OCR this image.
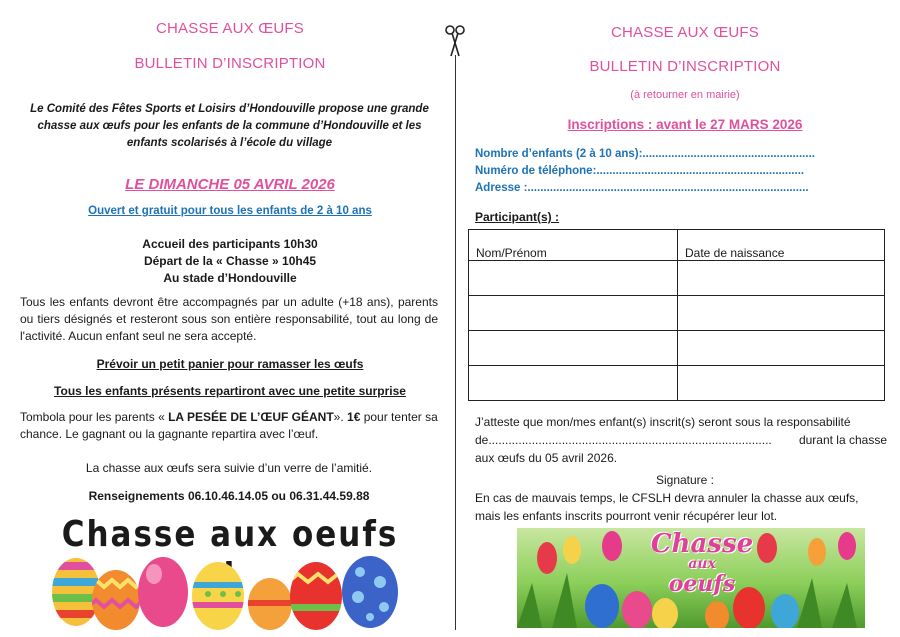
CHASSE AUX ŒUFS
BULLETIN D’INSCRIPTION
Le Comité des Fêtes Sports et Loisirs d’Hondouville propose une grande chasse aux œufs pour les enfants de la commune d’Hondouville et les enfants scolarisés à l’école du village
LE DIMANCHE 05 AVRIL 2026
Ouvert et gratuit pour tous les enfants de 2 à 10 ans
Accueil des participants 10h30
Départ de la « Chasse » 10h45
Au stade d’Hondouville
Tous les enfants devront être accompagnés par un adulte (+18 ans), parents ou tiers désignés et resteront sous son entière responsabilité, tout au long de l'activité. Aucun enfant seul ne sera accepté.
Prévoir un petit panier pour ramasser les œufs
Tous les enfants présents repartiront avec une petite surprise
Tombola pour les parents « LA PESÉE DE L’ŒUF GÉANT». 1€ pour tenter sa chance. Le gagnant ou la gagnante repartira avec l’œuf.
La chasse aux œufs sera suivie d’un verre de l’amitié.
Renseignements 06.10.46.14.05 ou 06.31.44.59.88
Chasse aux oeufs
CHASSE AUX ŒUFS
BULLETIN D’INSCRIPTION
(à retourner en mairie)
Inscriptions : avant le 27 MARS 2026
Nombre d’enfants (2 à 10 ans):......................................................
Numéro de téléphone:.................................................................
Adresse :........................................................................................
Participant(s) :
Nom/Prénom	Date de naissance

J’atteste que mon/mes enfant(s) inscrit(s) seront sous la responsabilité
de..................................................................................... durant la chasse
aux œufs du 05 avril 2026.
Signature :
En cas de mauvais temps, le CFSLH devra annuler la chasse aux œufs,
mais les enfants inscrits pourront venir récupérer leur lot.
Chasse
aux
oeufs
